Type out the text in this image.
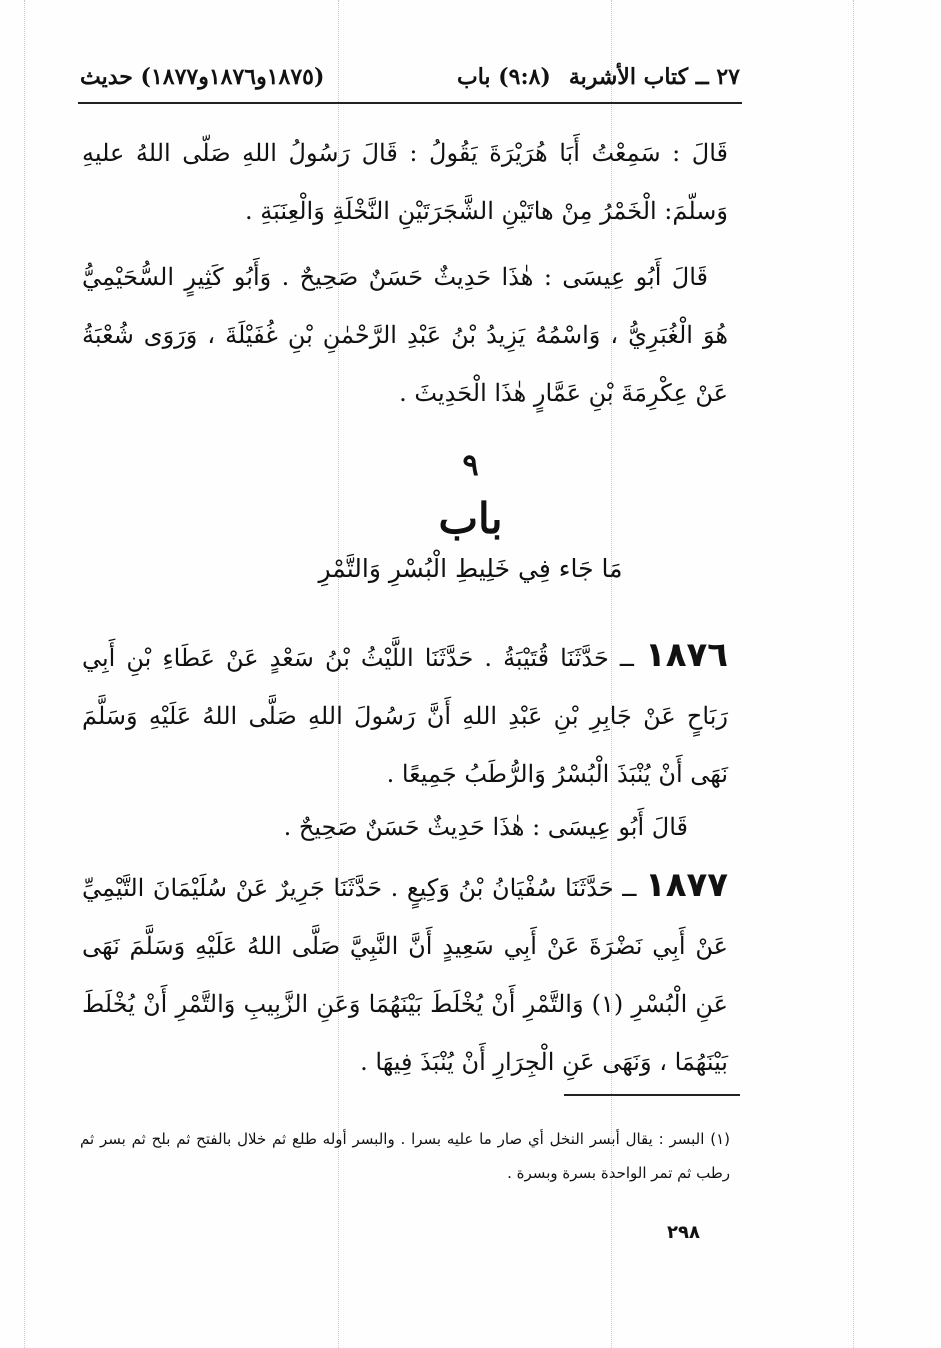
٢٧ ــ كتاب الأشربة
(٩:٨) باب
(١٨٧٥و١٨٧٦و١٨٧٧) حديث
قَالَ : سَمِعْتُ أَبَا هُرَيْرَةَ يَقُولُ : قَالَ رَسُولُ اللهِ صَلّى اللهُ عليهِ وَسلّمَ: الْخَمْرُ مِنْ هاتَيْنِ الشَّجَرَتَيْنِ النَّخْلَةِ وَالْعِنَبَةِ .
قَالَ أَبُو عِيسَى : هٰذَا حَدِيثٌ حَسَنٌ صَحِيحٌ . وَأَبُو كَثِيرٍ السُّحَيْمِيُّ هُوَ الْغُبَرِيُّ ، وَاسْمُهُ يَزِيدُ بْنُ عَبْدِ الرَّحْمٰنِ بْنِ غُفَيْلَةَ ، وَرَوَى شُعْبَةُ عَنْ عِكْرِمَةَ بْنِ عَمَّارٍ هٰذَا الْحَدِيثَ .
٩
باب
مَا جَاء فِي خَلِيطِ الْبُسْرِ وَالتَّمْرِ
١٨٧٦ ــ حَدَّثَنَا قُتَيْبَةُ . حَدَّثَنَا اللَّيْثُ بْنُ سَعْدٍ عَنْ عَطَاءِ بْنِ أَبِي رَبَاحٍ عَنْ جَابِرِ بْنِ عَبْدِ اللهِ أَنَّ رَسُولَ اللهِ صَلَّى اللهُ عَلَيْهِ وَسَلَّمَ نَهَى أَنْ يُنْبَذَ الْبُسْرُ وَالرُّطَبُ جَمِيعًا .
قَالَ أَبُو عِيسَى : هٰذَا حَدِيثٌ حَسَنٌ صَحِيحٌ .
١٨٧٧ ــ حَدَّثَنَا سُفْيَانُ بْنُ وَكِيعٍ . حَدَّثَنَا جَرِيرٌ عَنْ سُلَيْمَانَ التَّيْمِيِّ عَنْ أَبِي نَضْرَةَ عَنْ أَبِي سَعِيدٍ أَنَّ النَّبِيَّ صَلَّى اللهُ عَلَيْهِ وَسَلَّمَ نَهَى عَنِ الْبُسْرِ (١) وَالتَّمْرِ أَنْ يُخْلَطَ بَيْنَهُمَا وَعَنِ الزَّبِيبِ وَالتَّمْرِ أَنْ يُخْلَطَ بَيْنَهُمَا ، وَنَهَى عَنِ الْجِرَارِ أَنْ يُنْبَذَ فِيهَا .
(١) البسر : يقال أبسر النخل أي صار ما عليه بسرا . والبسر أوله طلع ثم خلال بالفتح ثم بلح ثم بسر ثم رطب ثم تمر الواحدة بسرة وبسرة .
٢٩٨
